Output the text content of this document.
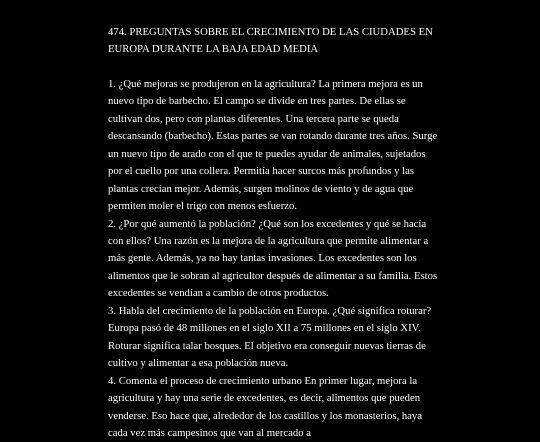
474. PREGUNTAS SOBRE EL CRECIMIENTO DE LAS CIUDADES EN EUROPA DURANTE LA BAJA EDAD MEDIA

1. ¿Qué mejoras se produjeron en la agricultura? La primera mejora es un nuevo tipo de barbecho. El campo se divide en tres partes. De ellas se cultivan dos, pero con plantas diferentes. Una tercera parte se queda descansando (barbecho). Estas partes se van rotando durante tres años. Surge un nuevo tipo de arado con el que te puedes ayudar de animales, sujetados por el cuello por una collera. Permitía hacer surcos más profundos y las plantas crecían mejor. Además, surgen molinos de viento y de agua que permiten moler el trigo con menos esfuerzo.

2. ¿Por qué aumentó la población? ¿Qué son los excedentes y qué se hacía con ellos? Una razón es la mejora de la agricultura que permite alimentar a más gente. Además, ya no hay tantas invasiones. Los excedentes son los alimentos que le sobran al agricultor después de alimentar a su familia. Estos excedentes se vendían a cambio de otros productos.

3. Habla del crecimiento de la población en Europa. ¿Qué significa roturar? Europa pasó de 48 millones en el siglo XII a 75 millones en el siglo XIV. Roturar significa talar bosques. El objetivo era conseguir nuevas tierras de cultivo y alimentar a esa población nueva.

4. Comenta el proceso de crecimiento urbano En primer lugar, mejora la agricultura y hay una serie de excedentes, es decir, alimentos que pueden venderse. Eso hace que, alrededor de los castillos y los monasterios, haya cada vez más campesinos que van al mercado a
